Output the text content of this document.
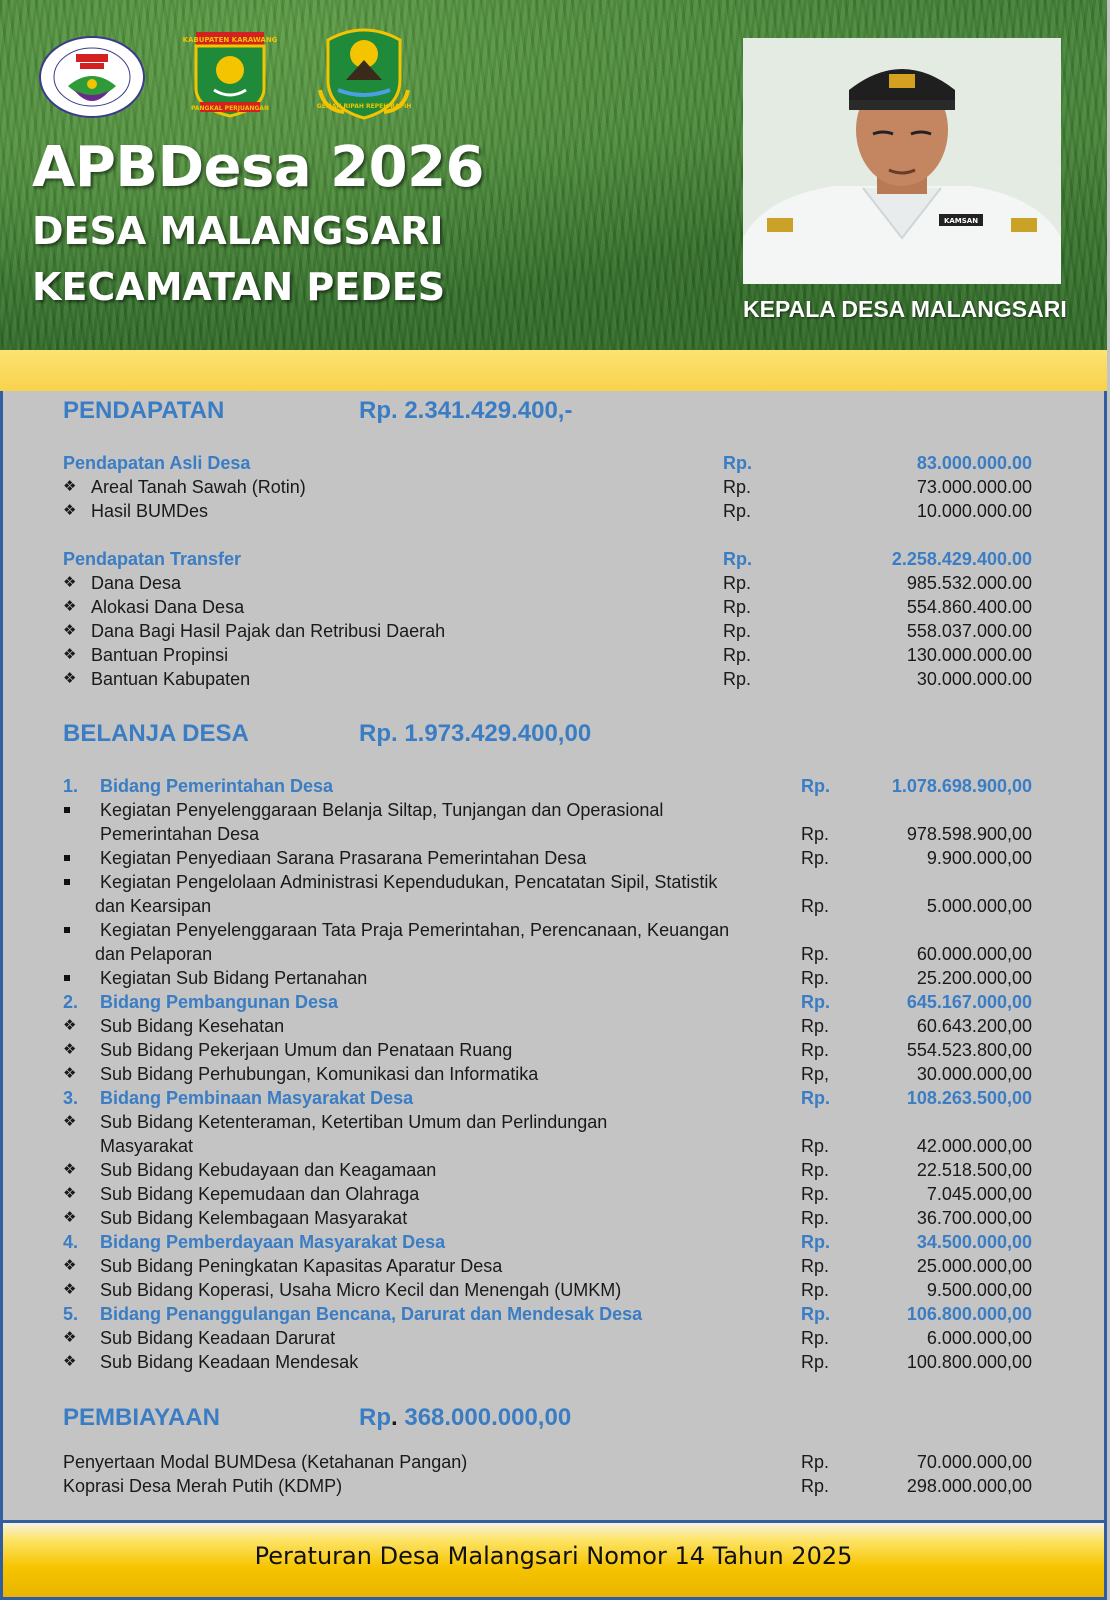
KABUPATEN KARAWANG
PANGKAL PERJUANGAN	GEMAH RIPAH REPEH RAPIH
APBDesa 2026
DESA MALANGSARI
KECAMATAN PEDES
KAMSAN
KEPALA DESA MALANGSARI
PENDAPATAN	Rp. 2.341.429.400,-
Pendapatan Asli Desa	Rp.	83.000.000.00
❖ Areal Tanah Sawah (Rotin)	Rp.	73.000.000.00
❖ Hasil BUMDes	Rp.	10.000.000.00
Pendapatan Transfer	Rp.	2.258.429.400.00
❖ Dana Desa	Rp.	985.532.000.00
❖ Alokasi Dana Desa	Rp.	554.860.400.00
❖ Dana Bagi Hasil Pajak dan Retribusi Daerah	Rp.	558.037.000.00
❖ Bantuan Propinsi	Rp.	130.000.000.00
❖ Bantuan Kabupaten	Rp.	30.000.000.00
BELANJA DESA	Rp. 1.973.429.400,00
1. Bidang Pemerintahan Desa	Rp.	1.078.698.900,00
Kegiatan Penyelenggaraan Belanja Siltap, Tunjangan dan Operasional
Pemerintahan Desa	Rp.	978.598.900,00
Kegiatan Penyediaan Sarana Prasarana Pemerintahan Desa	Rp.	9.900.000,00
Kegiatan Pengelolaan Administrasi Kependudukan, Pencatatan Sipil, Statistik
dan Kearsipan	Rp.	5.000.000,00
Kegiatan Penyelenggaraan Tata Praja Pemerintahan, Perencanaan, Keuangan
dan Pelaporan	Rp.	60.000.000,00
Kegiatan Sub Bidang Pertanahan	Rp.	25.200.000,00
2. Bidang Pembangunan Desa	Rp.	645.167.000,00
❖ Sub Bidang Kesehatan	Rp.	60.643.200,00
❖ Sub Bidang Pekerjaan Umum dan Penataan Ruang	Rp.	554.523.800,00
❖ Sub Bidang Perhubungan, Komunikasi dan Informatika	Rp,	30.000.000,00
3. Bidang Pembinaan Masyarakat Desa	Rp.	108.263.500,00
❖ Sub Bidang Ketenteraman, Ketertiban Umum dan Perlindungan
Masyarakat	Rp.	42.000.000,00
❖ Sub Bidang Kebudayaan dan Keagamaan	Rp.	22.518.500,00
❖ Sub Bidang Kepemudaan dan Olahraga	Rp.	7.045.000,00
❖ Sub Bidang Kelembagaan Masyarakat	Rp.	36.700.000,00
4. Bidang Pemberdayaan Masyarakat Desa	Rp.	34.500.000,00
❖ Sub Bidang Peningkatan Kapasitas Aparatur Desa	Rp.	25.000.000,00
❖ Sub Bidang Koperasi, Usaha Micro Kecil dan Menengah (UMKM)	Rp.	9.500.000,00
5. Bidang Penanggulangan Bencana, Darurat dan Mendesak Desa	Rp.	106.800.000,00
❖ Sub Bidang Keadaan Darurat	Rp.	6.000.000,00
❖ Sub Bidang Keadaan Mendesak	Rp.	100.800.000,00
PEMBIAYAAN	Rp. 368.000.000,00
Penyertaan Modal BUMDesa (Ketahanan Pangan)	Rp.	70.000.000,00
Koprasi Desa Merah Putih (KDMP)	Rp.	298.000.000,00
Peraturan Desa Malangsari Nomor 14 Tahun 2025
